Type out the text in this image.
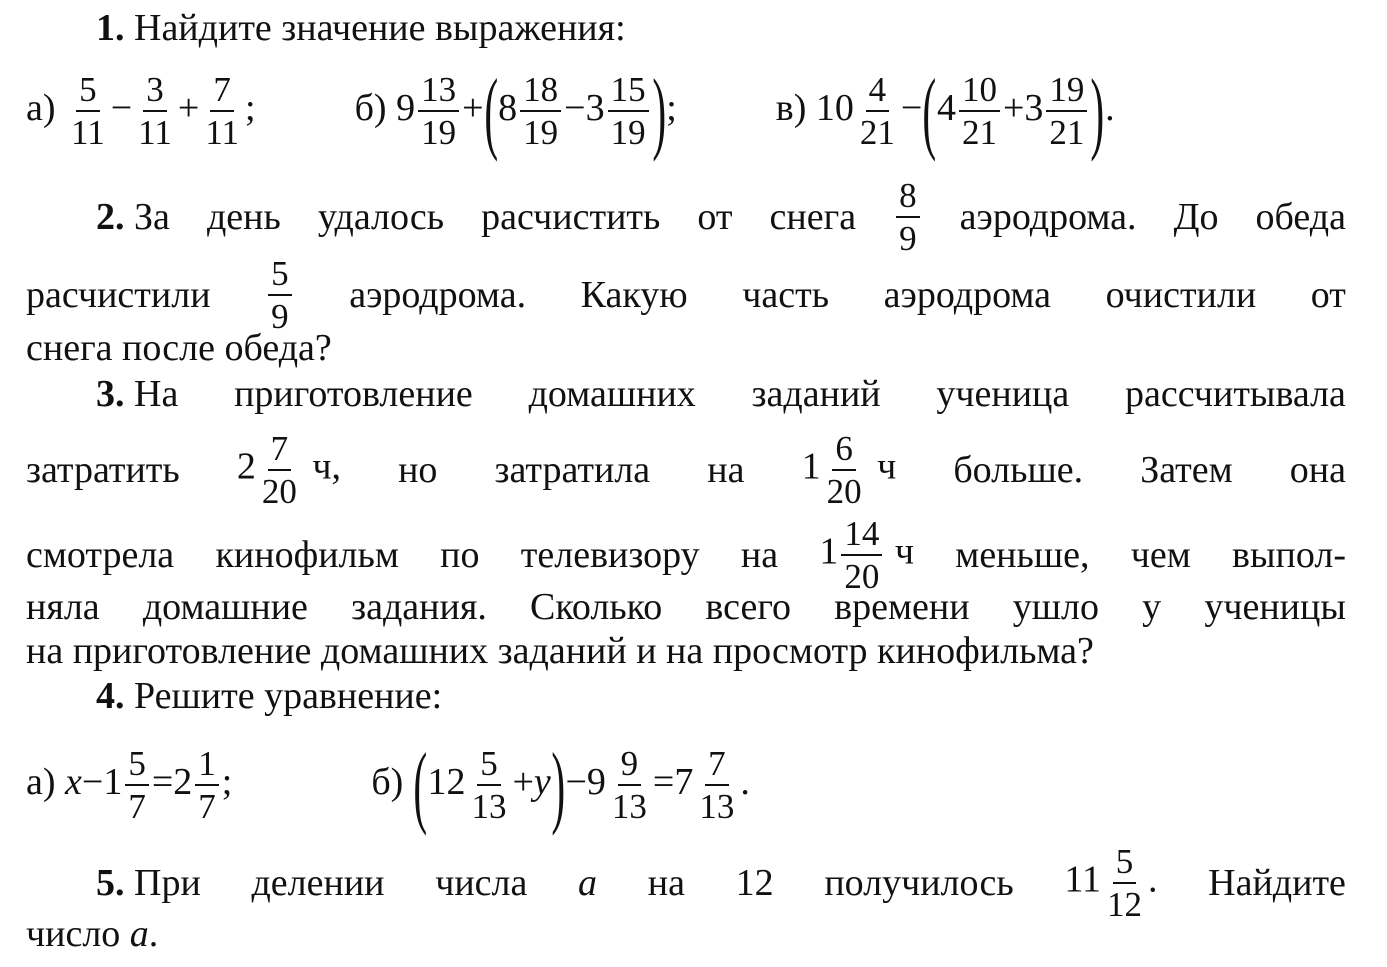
1. Найдите значение выражения:
$а) \frac{5}{11} - \frac{3}{11} + \frac{7}{11}$ ;	б) $9 \frac{13}{19} +(8 \frac{18}{19} -3 \frac{15}{19}$ );	в) $10 \frac{4}{21} -(4 \frac{10}{21} +3 \frac{19}{21}$ ).
2. За день удалось расчистить от снега
8
9
аэродрома. До обеда
расчистили
5
9
аэродрома. Какую часть аэродрома очистили от
снега после обеда?
3. На приготовление домашних заданий ученица рассчитывала
затратить $2 \frac{7}{20} ч$, но затратила на $1 \frac{6}{20}$ ч больше. Затем она
смотрела кинофильм по телевизору на $1 \frac{14}{20}$ ч меньше, чем выпол-
няла домашние задания. Сколько всего времени ушло у ученицы
на приготовление домашних заданий и на просмотр кинофильма?
4. Решите уравнение:
а) $x-1 \frac{5}{7} =2 \frac{1}{7}$ ;	б) $(12 \frac{5}{13} +y)-9 \frac{9}{13} =7 \frac{7}{13}$ .
5. При делении числа a на 12 получилось $11 \frac{5}{12}$ . Найдите
число a.
